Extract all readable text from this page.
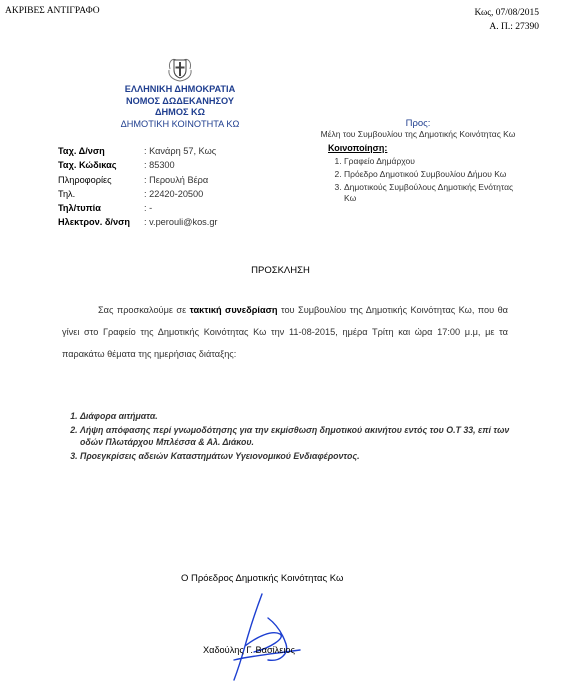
ΑΚΡΙΒΕΣ ΑΝΤΙΓΡΑΦΟ	Κως, 07/08/2015
Α. Π.: 27390
ΕΛΛΗΝΙΚΗ ΔΗΜΟΚΡΑΤΙΑ
ΝΟΜΟΣ ΔΩΔΕΚΑΝΗΣΟΥ
ΔΗΜΟΣ ΚΩ
ΔΗΜΟΤΙΚΗ ΚΟΙΝΟΤΗΤΑ ΚΩ
Ταχ. Δ/νση	: Κανάρη 57, Κως
Ταχ. Κώδικας	: 85300
Πληροφορίες	: Περουλή Βέρα
Τηλ.	: 22420-20500
Τηλ/τυπία	: -
Ηλεκτρον. δ/νση	: v.perouli@kos.gr
Προς:
Μέλη του Συμβουλίου της Δημοτικής Κοινότητας Κω
Κοινοποίηση:
1. Γραφείο Δημάρχου
2. Πρόεδρο Δημοτικού Συμβουλίου Δήμου Κω
3. Δημοτικούς Συμβούλους Δημοτικής Ενότητας Κω
ΠΡΟΣΚΛΗΣΗ
Σας προσκαλούμε σε τακτική συνεδρίαση του Συμβουλίου της Δημοτικής Κοινότητας Κω, που θα γίνει στο Γραφείο της Δημοτικής Κοινότητας Κω την 11-08-2015, ημέρα Τρίτη και ώρα 17:00 μ.μ, με τα παρακάτω θέματα της ημερήσιας διάταξης:
1. Διάφορα αιτήματα.
2. Λήψη απόφασης περί γνωμοδότησης για την εκμίσθωση δημοτικού ακινήτου εντός του Ο.Τ 33, επί των οδών Πλωτάρχου Μπλέσσα & Αλ. Διάκου.
3. Προεγκρίσεις αδειών Καταστημάτων Υγειονομικού Ενδιαφέροντος.
Ο Πρόεδρος Δημοτικής Κοινότητας Κω
Χαδούλης Γ. Βασίλειος
